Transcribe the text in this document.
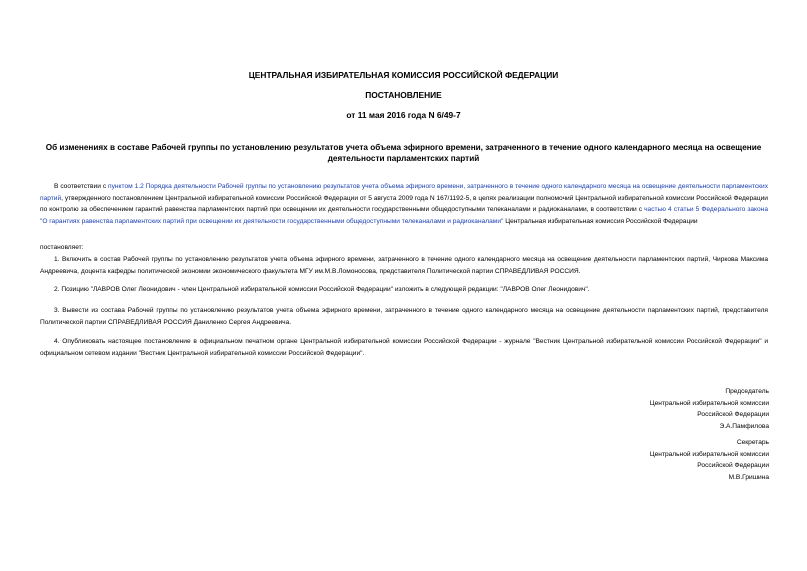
ЦЕНТРАЛЬНАЯ ИЗБИРАТЕЛЬНАЯ КОМИССИЯ РОССИЙСКОЙ ФЕДЕРАЦИИ
ПОСТАНОВЛЕНИЕ
от 11 мая 2016 года N 6/49-7
Об изменениях в составе Рабочей группы по установлению результатов учета объема эфирного времени, затраченного в течение одного календарного месяца на освещение деятельности парламентских партий
В соответствии с пунктом 1.2 Порядка деятельности Рабочей группы по установлению результатов учета объема эфирного времени, затраченного в течение одного календарного месяца на освещение деятельности парламентских партий, утвержденного постановлением Центральной избирательной комиссии Российской Федерации от 5 августа 2009 года N 167/1192-5, в целях реализации полномочий Центральной избирательной комиссии Российской Федерации по контролю за обеспечением гарантий равенства парламентских партий при освещении их деятельности государственными общедоступными телеканалами и радиоканалами, в соответствии с частью 4 статьи 5 Федерального закона "О гарантиях равенства парламентских партий при освещении их деятельности государственными общедоступными телеканалами и радиоканалами" Центральная избирательная комиссия Российской Федерации
постановляет:
1. Включить в состав Рабочей группы по установлению результатов учета объема эфирного времени, затраченного в течение одного календарного месяца на освещение деятельности парламентских партий, Чиркова Максима Андреевича, доцента кафедры политической экономии экономического факультета МГУ им.М.В.Ломоносова, представителя Политической партии СПРАВЕДЛИВАЯ РОССИЯ.
2. Позицию "ЛАВРОВ Олег Леонидович - член Центральной избирательной комиссии Российской Федерации" изложить в следующей редакции: "ЛАВРОВ Олег Леонидович".
3. Вывести из состава Рабочей группы по установлению результатов учета объема эфирного времени, затраченного в течение одного календарного месяца на освещение деятельности парламентских партий, представителя Политической партии СПРАВЕДЛИВАЯ РОССИЯ Даниленко Сергея Андреевича.
4. Опубликовать настоящее постановление в официальном печатном органе Центральной избирательной комиссии Российской Федерации - журнале "Вестник Центральной избирательной комиссии Российской Федерации" и официальном сетевом издании "Вестник Центральной избирательной комиссии Российской Федерации".
Председатель
Центральной избирательной комиссии
Российской Федерации
Э.А.Памфилова
Секретарь
Центральной избирательной комиссии
Российской Федерации
М.В.Гришина
